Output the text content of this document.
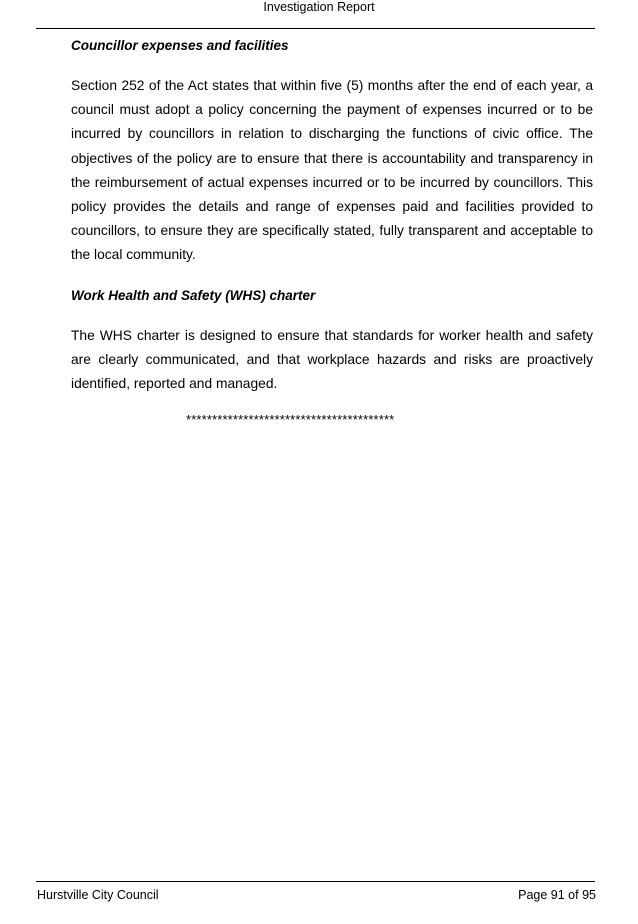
Investigation Report
Councillor expenses and facilities

Section 252 of the Act states that within five (5) months after the end of each year, a council must adopt a policy concerning the payment of expenses incurred or to be incurred by councillors in relation to discharging the functions of civic office. The objectives of the policy are to ensure that there is accountability and transparency in the reimbursement of actual expenses incurred or to be incurred by councillors. This policy provides the details and range of expenses paid and facilities provided to councillors, to ensure they are specifically stated, fully transparent and acceptable to the local community.

Work Health and Safety (WHS) charter

The WHS charter is designed to ensure that standards for worker health and safety are clearly communicated, and that workplace hazards and risks are proactively identified, reported and managed.

****************************************
Hurstville City Council	Page 91 of 95
